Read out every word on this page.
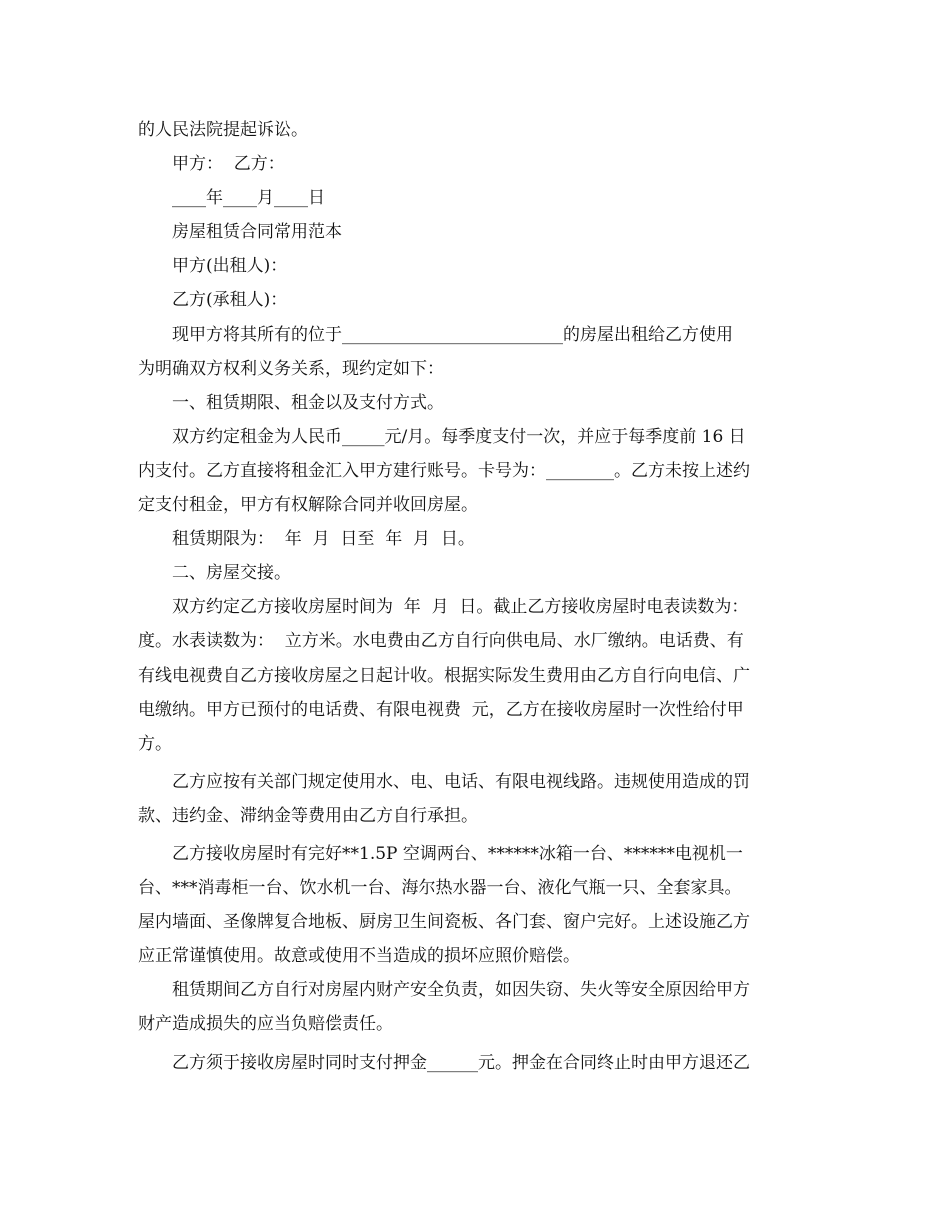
的人民法院提起诉讼。
甲方：  乙方：
____年____月____日
房屋租赁合同常用范本
甲方(出租人)：
乙方(承租人)：
现甲方将其所有的位于__________________________的房屋出租给乙方使用
为明确双方权利义务关系，现约定如下：
一、租赁期限、租金以及支付方式。
双方约定租金为人民币_____元/月。每季度支付一次，并应于每季度前 16 日
内支付。乙方直接将租金汇入甲方建行账号。卡号为：________。乙方未按上述约
定支付租金，甲方有权解除合同并收回房屋。
租赁期限为：  年  月  日至  年  月  日。
二、房屋交接。
双方约定乙方接收房屋时间为  年  月  日。截止乙方接收房屋时电表读数为：
度。水表读数为：  立方米。水电费由乙方自行向供电局、水厂缴纳。电话费、有
有线电视费自乙方接收房屋之日起计收。根据实际发生费用由乙方自行向电信、广
电缴纳。甲方已预付的电话费、有限电视费  元，乙方在接收房屋时一次性给付甲
方。
乙方应按有关部门规定使用水、电、电话、有限电视线路。违规使用造成的罚
款、违约金、滞纳金等费用由乙方自行承担。
乙方接收房屋时有完好**1.5P 空调两台、******冰箱一台、******电视机一
台、***消毒柜一台、饮水机一台、海尔热水器一台、液化气瓶一只、全套家具。
屋内墙面、圣像牌复合地板、厨房卫生间瓷板、各门套、窗户完好。上述设施乙方
应正常谨慎使用。故意或使用不当造成的损坏应照价赔偿。
租赁期间乙方自行对房屋内财产安全负责，如因失窃、失火等安全原因给甲方
财产造成损失的应当负赔偿责任。
乙方须于接收房屋时同时支付押金______元。押金在合同终止时由甲方退还乙
